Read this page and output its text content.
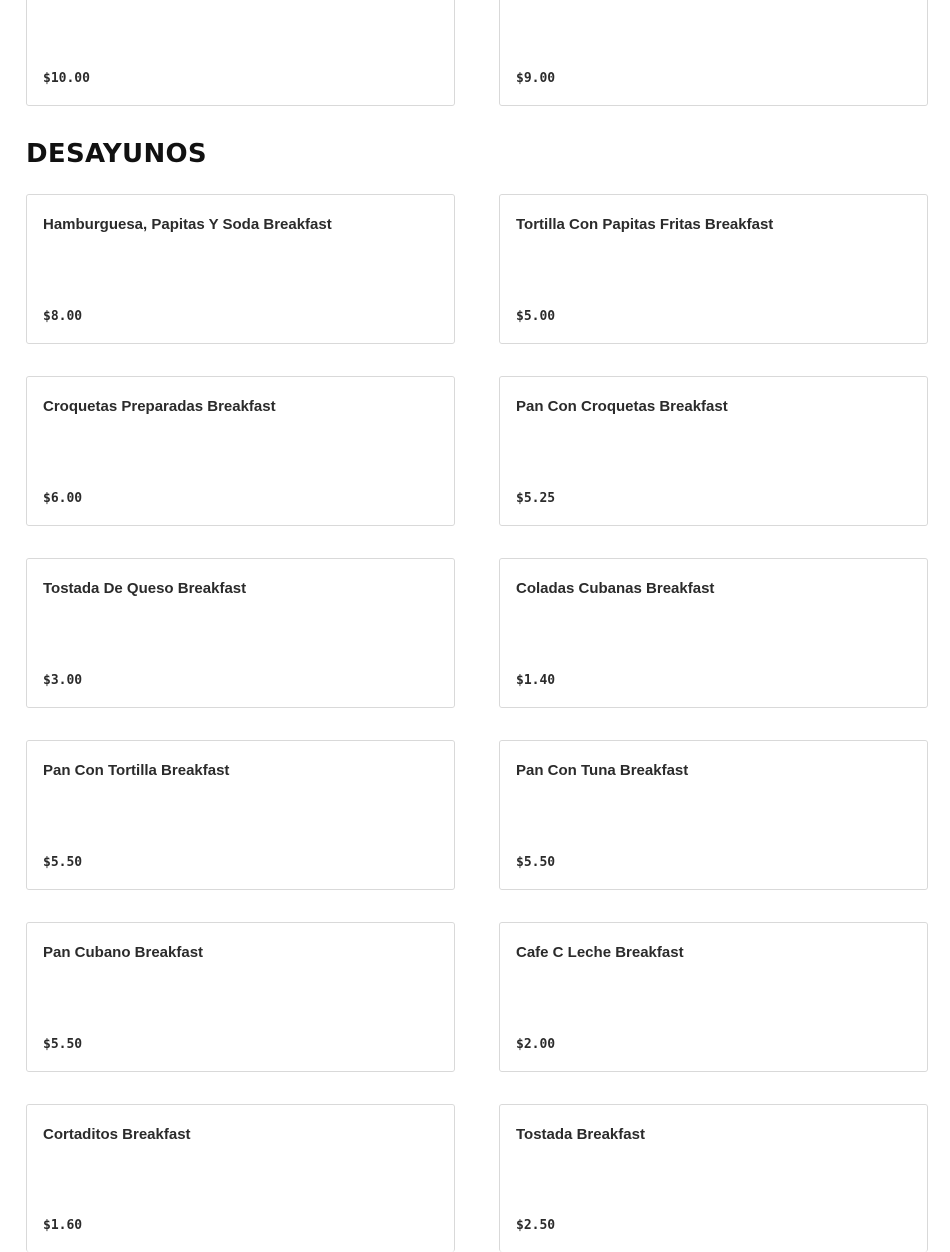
$10.00	$9.00
DESAYUNOS
Hamburguesa, Papitas Y Soda Breakfast
$8.00
Tortilla Con Papitas Fritas Breakfast
$5.00
Croquetas Preparadas Breakfast
$6.00
Pan Con Croquetas Breakfast
$5.25
Tostada De Queso Breakfast
$3.00
Coladas Cubanas Breakfast
$1.40
Pan Con Tortilla Breakfast
$5.50
Pan Con Tuna Breakfast
$5.50
Pan Cubano Breakfast
$5.50
Cafe C Leche Breakfast
$2.00
Cortaditos Breakfast
$1.60
Tostada Breakfast
$2.50
